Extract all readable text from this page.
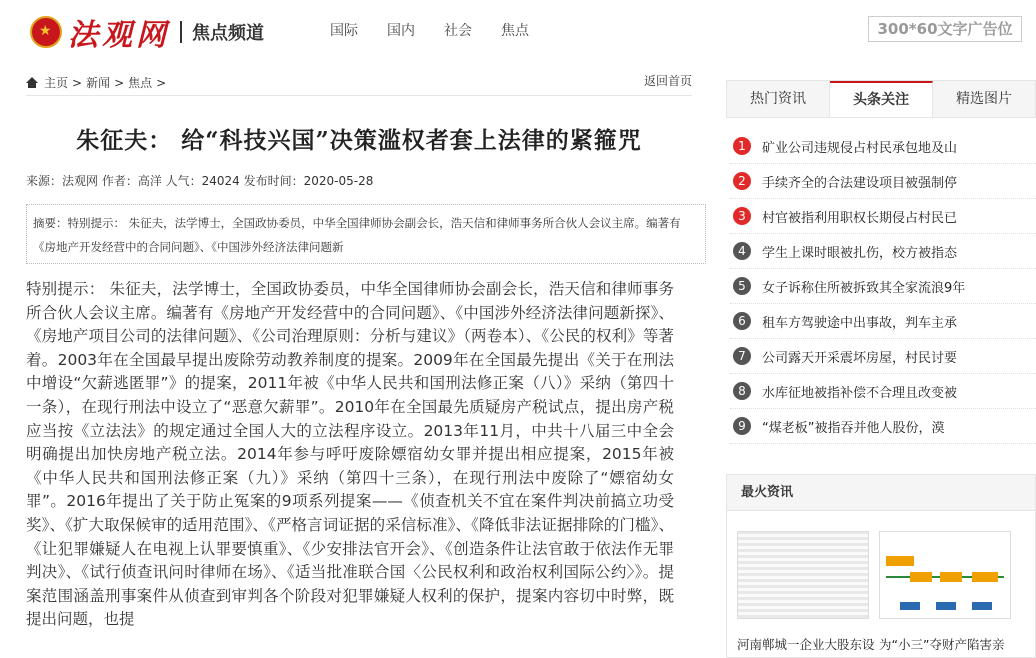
★
法观网 焦点频道	国际 国内 社会 焦点	300*60文字广告位
主页 > 新闻 > 焦点 >	返回首页
朱征夫： 给“科技兴国”决策滥权者套上法律的紧箍咒
来源：法观网 作者：高洋 人气：24024 发布时间：2020-05-28
摘要：特别提示： 朱征夫，法学博士，全国政协委员，中华全国律师协会副会长，浩天信和律师事务所合伙人会议主席。编著有《房地产开发经营中的合同问题》、《中国涉外经济法律问题新
特别提示： 朱征夫，法学博士，全国政协委员，中华全国律师协会副会长，浩天信和律师事务所合伙人会议主席。编著有《房地产开发经营中的合同问题》、《中国涉外经济法律问题新探》、《房地产项目公司的法律问题》、《公司治理原则：分析与建议》（两卷本）、《公民的权利》等著着。2003年在全国最早提出废除劳动教养制度的提案。2009年在全国最先提出《关于在刑法中增设“欠薪逃匿罪”》的提案，2011年被《中华人民共和国刑法修正案（八）》采纳（第四十一条），在现行刑法中设立了“恶意欠薪罪”。2010年在全国最先质疑房产税试点，提出房产税应当按《立法法》的规定通过全国人大的立法程序设立。2013年11月，中共十八届三中全会明确提出加快房地产税立法。2014年参与呼吁废除嫖宿幼女罪并提出相应提案，2015年被《中华人民共和国刑法修正案（九）》采纳（第四十三条），在现行刑法中废除了“嫖宿幼女罪”。2016年提出了关于防止冤案的9项系列提案——《侦查机关不宜在案件判决前搞立功受奖》、《扩大取保候审的适用范围》、《严格言词证据的采信标准》、《降低非法证据排除的门槛》、《让犯罪嫌疑人在电视上认罪要慎重》、《少安排法官开会》、《创造条件让法官敢于依法作无罪判决》、《试行侦查讯问时律师在场》、《适当批准联合国〈公民权利和政治权利国际公约〉》。提案范围涵盖刑事案件从侦查到审判各个阶段对犯罪嫌疑人权利的保护，提案内容切中时弊，既提出问题，也提
热门资讯	头条关注	精选图片
1	矿业公司违规侵占村民承包地及山
2	手续齐全的合法建设项目被强制停
3	村官被指利用职权长期侵占村民已
4	学生上课时眼被扎伤，校方被指态
5	女子诉称住所被拆致其全家流浪9年
6	租车方驾驶途中出事故，判车主承
7	公司露天开采震坏房屋，村民讨要
8	水库征地被指补偿不合理且改变被
9	“煤老板”被指吞并他人股份，漠
最火资讯
河南郸城一企业大股东设 为“小三”夺财产陷害亲
